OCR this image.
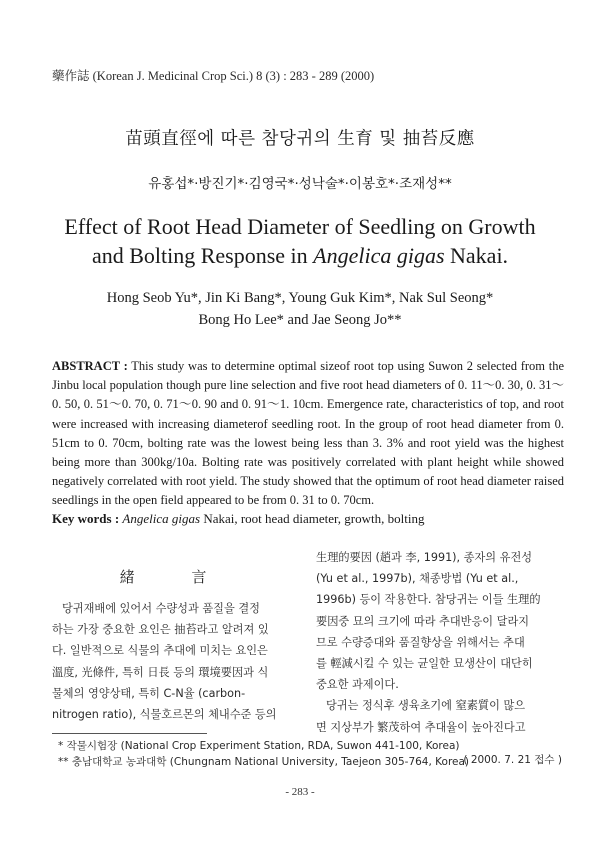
藥作誌 (Korean J. Medicinal Crop Sci.) 8 (3) : 283 - 289 (2000)
苗頭直徑에 따른 참당귀의 生育 및 抽苔反應
유홍섭*·방진기*·김영국*·성낙술*·이봉호*·조재성**
Effect of Root Head Diameter of Seedling on Growth
and Bolting Response in Angelica gigas Nakai.
Hong Seob Yu*, Jin Ki Bang*, Young Guk Kim*, Nak Sul Seong*
Bong Ho Lee* and Jae Seong Jo**
ABSTRACT : This study was to determine optimal sizeof root top using Suwon 2 selected from the Jinbu local population though pure line selection and five root head diameters of 0. 11～0. 30, 0. 31～0. 50, 0. 51～0. 70, 0. 71～0. 90 and 0. 91～1. 10cm. Emergence rate, characteristics of top, and root were increased with increasing diameterof seedling root. In the group of root head diameter from 0. 51cm to 0. 70cm, bolting rate was the lowest being less than 3. 3% and root yield was the highest being more than 300kg/10a. Bolting rate was positively correlated with plant height while showed negatively correlated with root yield. The study showed that the optimum of root head diameter raised seedlings in the open field appeared to be from 0. 31 to 0. 70cm.
Key words : Angelica gigas Nakai, root head diameter, growth, bolting
緒 言
당귀재배에 있어서 수량성과 품질을 결정
하는 가장 중요한 요인은 抽苔라고 알려져 있
다. 일반적으로 식물의 추대에 미치는 요인은
溫度, 光條件, 특히 日長 등의 環境要因과 식
물체의 영양상태, 특히 C-N율 (carbon-
nitrogen ratio), 식물호르몬의 체내수준 등의
生理的要因 (趙과 李, 1991), 종자의 유전성
(Yu et al., 1997b), 채종방법 (Yu et al.,
1996b) 등이 작용한다. 참당귀는 이들 生理的
要因중 묘의 크기에 따라 추대반응이 달라지
므로 수량증대와 품질향상을 위해서는 추대
를 輕減시킬 수 있는 균일한 묘생산이 대단히
중요한 과제이다.
당귀는 정식후 생육초기에 窒素質이 많으
면 지상부가 繁茂하여 추대율이 높아진다고
* 작물시험장 (National Crop Experiment Station, RDA, Suwon 441-100, Korea)
** 충남대학교 농과대학 (Chungnam National University, Taejeon 305-764, Korea)
( 2000. 7. 21 접수 )
- 283 -
